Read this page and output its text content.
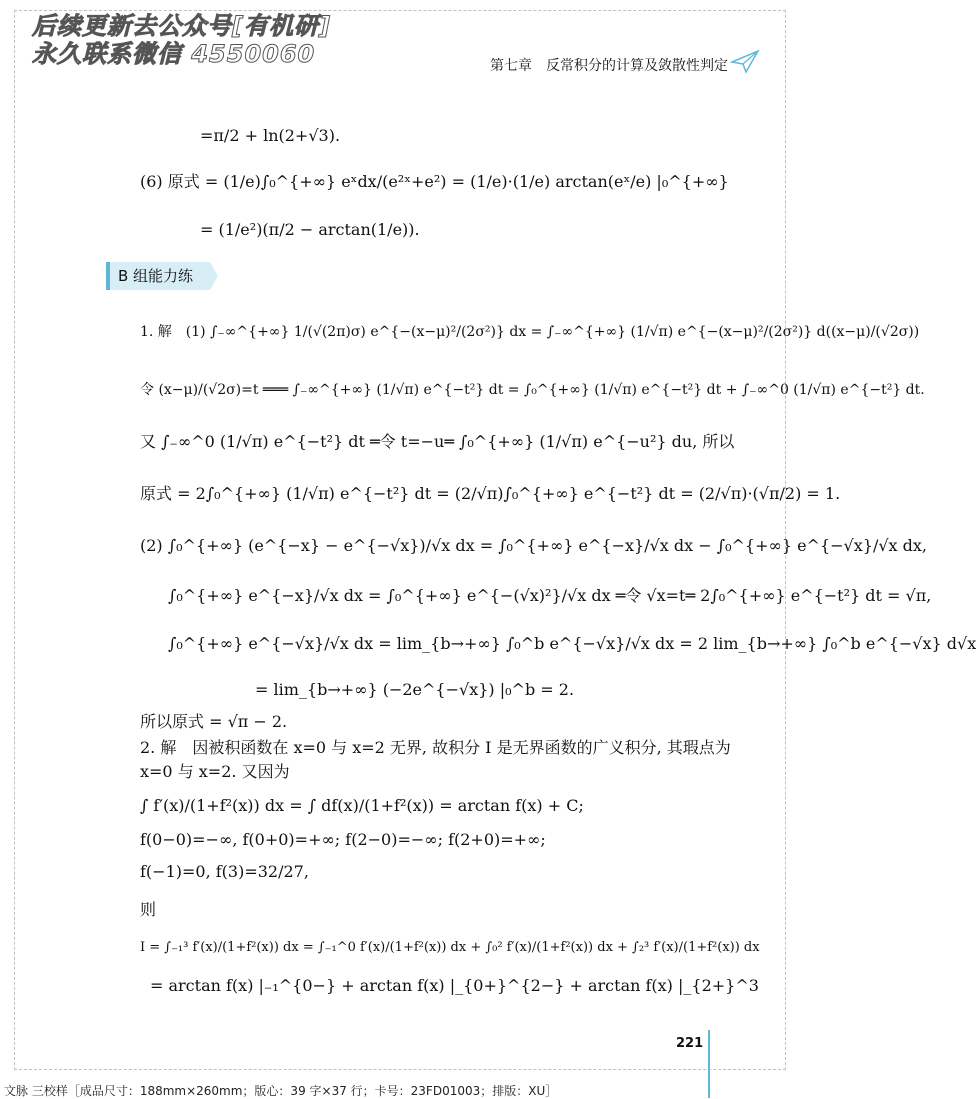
后续更新去公众号[有机研]
永久联系微信 4550060	第七章　反常积分的计算及敛散性判定
=π/2 + ln(2+√3).
(6) 原式 = (1/e)∫₀^{+∞} eˣdx/(e²ˣ+e²) = (1/e)·(1/e) arctan(eˣ/e) |₀^{+∞}
= (1/e²)(π/2 − arctan(1/e)).
B 组能力练
1. 解　(1) ∫₋∞^{+∞} 1/(√(2π)σ) e^{−(x−μ)²/(2σ²)} dx = ∫₋∞^{+∞} (1/√π) e^{−(x−μ)²/(2σ²)} d((x−μ)/(√2σ))
令 (x−μ)/(√2σ)=t ═══ ∫₋∞^{+∞} (1/√π) e^{−t²} dt = ∫₀^{+∞} (1/√π) e^{−t²} dt + ∫₋∞^0 (1/√π) e^{−t²} dt.
又 ∫₋∞^0 (1/√π) e^{−t²} dt ═令 t=−u═ ∫₀^{+∞} (1/√π) e^{−u²} du, 所以
原式 = 2∫₀^{+∞} (1/√π) e^{−t²} dt = (2/√π)∫₀^{+∞} e^{−t²} dt = (2/√π)·(√π/2) = 1.
(2) ∫₀^{+∞} (e^{−x} − e^{−√x})/√x dx = ∫₀^{+∞} e^{−x}/√x dx − ∫₀^{+∞} e^{−√x}/√x dx,
∫₀^{+∞} e^{−x}/√x dx = ∫₀^{+∞} e^{−(√x)²}/√x dx ═令 √x=t═ 2∫₀^{+∞} e^{−t²} dt = √π,
∫₀^{+∞} e^{−√x}/√x dx = lim_{b→+∞} ∫₀^b e^{−√x}/√x dx = 2 lim_{b→+∞} ∫₀^b e^{−√x} d√x
= lim_{b→+∞} (−2e^{−√x}) |₀^b = 2.
所以原式 = √π − 2.
2. 解　因被积函数在 x=0 与 x=2 无界, 故积分 I 是无界函数的广义积分, 其瑕点为
x=0 与 x=2. 又因为
∫ f′(x)/(1+f²(x)) dx = ∫ df(x)/(1+f²(x)) = arctan f(x) + C;
f(0−0)=−∞, f(0+0)=+∞; f(2−0)=−∞; f(2+0)=+∞;
f(−1)=0, f(3)=32/27,
则
I = ∫₋₁³ f′(x)/(1+f²(x)) dx = ∫₋₁^0 f′(x)/(1+f²(x)) dx + ∫₀² f′(x)/(1+f²(x)) dx + ∫₂³ f′(x)/(1+f²(x)) dx
= arctan f(x) |₋₁^{0−} + arctan f(x) |_{0+}^{2−} + arctan f(x) |_{2+}^3
221
文脉 三校样［成品尺寸：188mm×260mm；版心：39 字×37 行；卡号：23FD01003；排版：XU］
